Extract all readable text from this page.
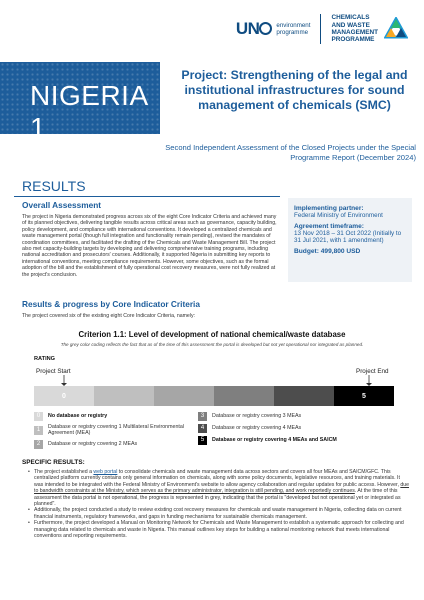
UN	environment
programme
CHEMICALS
AND WASTE
MANAGEMENT
PROGRAMME
NIGERIA 1
Project: Strengthening of the legal and institutional infrastructures for sound management of chemicals (SMC)
Second Independent Assessment of the Closed Projects under the Special Programme Report (December 2024)
RESULTS
Overall Assessment
The project in Nigeria demonstrated progress across six of the eight Core Indicator Criteria and achieved many of its planned objectives, delivering tangible results across critical areas such as governance, capacity building, policy development, and compliance with international conventions. It developed a centralized chemicals and waste management portal (though full integration and functionality remain pending), revised the mandates of coordination committees, and facilitated the drafting of the Chemicals and Waste Management Bill. The project also met capacity-building targets by developing and delivering comprehensive training programs, including national accreditation and prosecutors' courses. Additionally, it supported Nigeria in submitting key reports to international conventions, meeting compliance requirements. However, some objectives, such as the formal adoption of the bill and the establishment of fully operational cost recovery measures, were not fully realized at the project's conclusion.
Implementing partner:
Federal Ministry of Environment
Agreement timeframe:
13 Nov 2018 – 31 Oct 2022 (Initially to 31 Jul 2021, with 1 amendment)
Budget: 499,800 USD
Results & progress by Core Indicator Criteria
The project covered six of the existing eight Core Indicator Criteria, namely:
Criterion 1.1: Level of development of national chemical/waste database
The grey color coding reflects the fact that as of the time of this assessment the portal is developed but not yet operational nor integrated as planned.
RATING
Project Start	Project End
0	5
0	No database or registry
1
Database or registry covering 1 Multilateral Environmental Agreement (MEA)
2	Database or registry covering 2 MEAs
3	Database or registry covering 3 MEAs
4	Database or registry covering 4 MEAs
5	Database or registry covering 4 MEAs and SAICM
SPECIFIC RESULTS:
• The project established a web portal to consolidate chemicals and waste management data across sectors and covers all four MEAs and SAICM/GFC. This centralized platform currently contains only general information on chemicals, along with some policy documents, legislative resources, and training materials. It was intended to be integrated with the Federal Ministry of Environment's website to allow agency collaboration and regular updates for public access. However, due to bandwidth constraints at the Ministry, which serves as the primary administrator, integration is still pending, and work reportedly continues. At the time of this assessment the data portal is not operational, the progress is represented in grey, indicating that the portal is "developed but not operational yet or integrated as planned".
• Additionally, the project conducted a study to review existing cost recovery measures for chemicals and waste management in Nigeria, collecting data on current financial instruments, regulatory frameworks, and gaps in funding mechanisms for sustainable chemicals management.
• Furthermore, the project developed a Manual on Monitoring Network for Chemicals and Waste Management to establish a systematic approach for collecting and managing data related to chemicals and waste in Nigeria. This manual outlines key steps for building a national monitoring network that meets international conventions and reporting requirements.
